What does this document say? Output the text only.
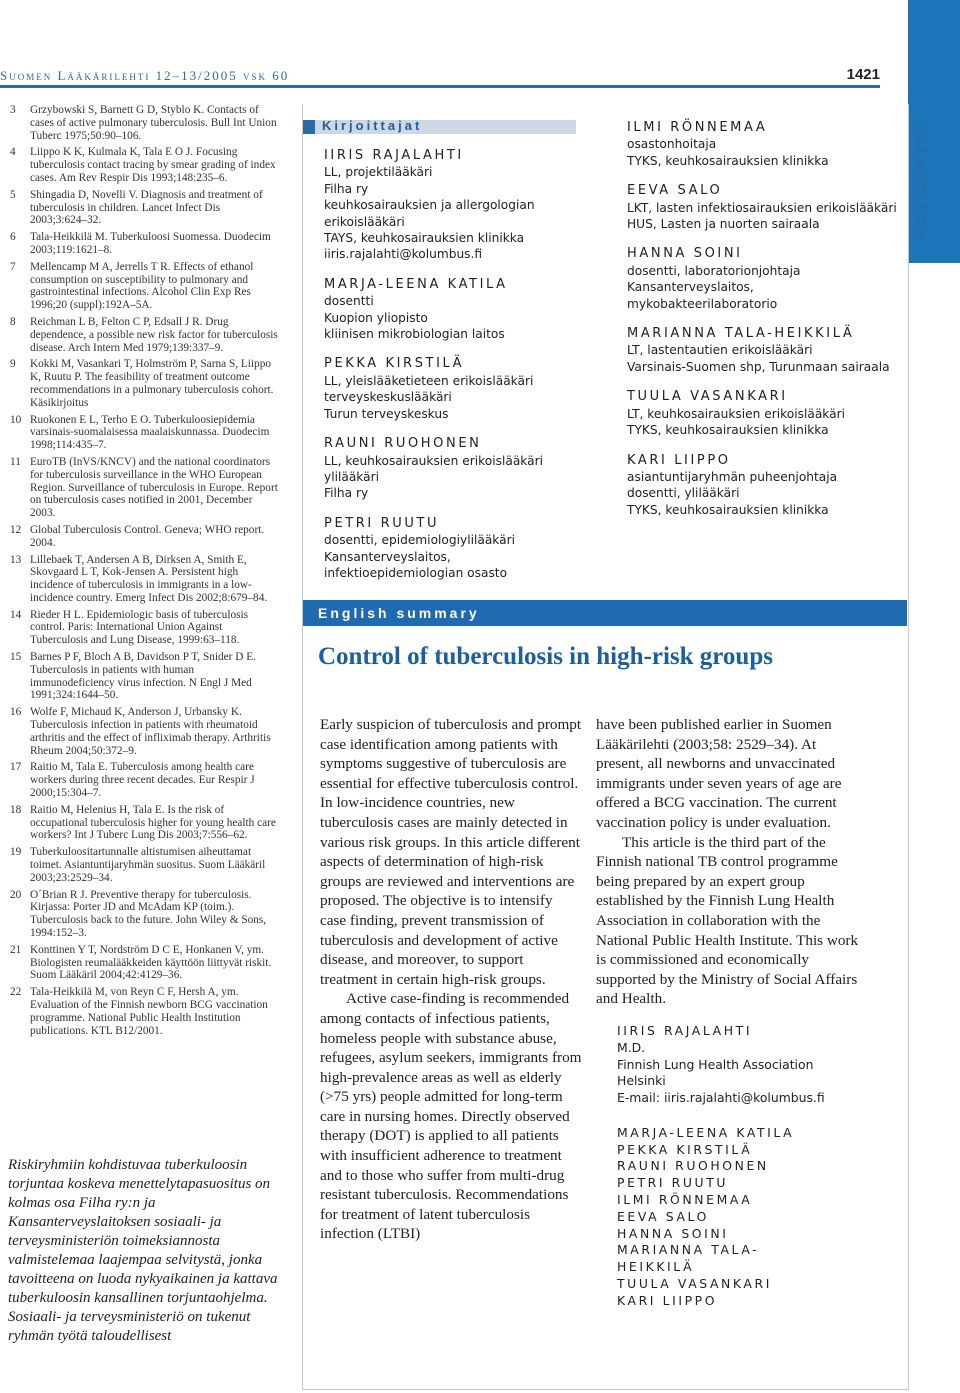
Suomen Lääkärilehti 12–13/2005 vsk 60	1421
3 Grzybowski S, Barnett G D, Styblo K. Contacts of cases of active pulmonary tuberculosis. Bull Int Union Tuberc 1975;50:90–106.
4 Liippo K K, Kulmala K, Tala E O J. Focusing tuberculosis contact tracing by smear grading of index cases. Am Rev Respir Dis 1993;148:235–6.
5 Shingadia D, Novelli V. Diagnosis and treatment of tuberculosis in children. Lancet Infect Dis 2003;3:624–32.
6 Tala-Heikkilä M. Tuberkuloosi Suomessa. Duodecim 2003;119:1621–8.
7 Mellencamp M A, Jerrells T R. Effects of ethanol consumption on susceptibility to pulmonary and gastrointestinal infections. Alcohol Clin Exp Res 1996;20 (suppl):192A–5A.
8 Reichman L B, Felton C P, Edsall J R. Drug dependence, a possible new risk factor for tuberculosis disease. Arch Intern Med 1979;139:337–9.
9 Kokki M, Vasankari T, Holmström P, Sarna S, Liippo K, Ruutu P. The feasibility of treatment outcome recommendations in a pulmonary tuberculosis cohort. Käsikirjoitus
10 Ruokonen E L, Terho E O. Tuberkuloosiepidemia varsinais-suomalaisessa maalaiskunnassa. Duodecim 1998;114:435–7.
11 EuroTB (InVS/KNCV) and the national coordinators for tuberculosis surveillance in the WHO European Region. Surveillance of tuberculosis in Europe. Report on tuberculosis cases notified in 2001, December 2003.
12 Global Tuberculosis Control. Geneva; WHO report. 2004.
13 Lillebaek T, Andersen A B, Dirksen A, Smith E, Skovgaard L T, Kok-Jensen A. Persistent high incidence of tuberculosis in immigrants in a low-incidence country. Emerg Infect Dis 2002;8:679–84.
14 Rieder H L. Epidemiologic basis of tuberculosis control. Paris: International Union Against Tuberculosis and Lung Disease, 1999:63–118.
15 Barnes P F, Bloch A B, Davidson P T, Snider D E. Tuberculosis in patients with human immunodeficiency virus infection. N Engl J Med 1991;324:1644–50.
16 Wolfe F, Michaud K, Anderson J, Urbansky K. Tuberculosis infection in patients with rheumatoid arthritis and the effect of infliximab therapy. Arthritis Rheum 2004;50:372–9.
17 Raitio M, Tala E. Tuberculosis among health care workers during three recent decades. Eur Respir J 2000;15:304–7.
18 Raitio M, Helenius H, Tala E. Is the risk of occupational tuberculosis higher for young health care workers? Int J Tuberc Lung Dis 2003;7:556–62.
19 Tuberkuloositartunnalle altistumisen aiheuttamat toimet. Asiantuntijaryhmän suositus. Suom Lääkäril 2003;23:2529–34.
20 O´Brian R J. Preventive therapy for tuberculosis. Kirjassa: Porter JD and McAdam KP (toim.). Tuberculosis back to the future. John Wiley & Sons, 1994:152–3.
21 Konttinen Y T, Nordström D C E, Honkanen V, ym. Biologisten reumalääkkeiden käyttöön liittyvät riskit. Suom Lääkäril 2004;42:4129–36.
22 Tala-Heikkilä M, von Reyn C F, Hersh A, ym. Evaluation of the Finnish newborn BCG vaccination programme. National Public Health Institution publications. KTL B12/2001.
Riskiryhmiin kohdistuvaa tuberkuloosin torjuntaa koskeva menettelytapasuositus on kolmas osa Filha ry:n ja Kansanterveyslaitoksen sosiaali- ja terveysministeriön toimeksiannosta valmistelemaa laajempaa selvitystä, jonka tavoitteena on luoda nykyaikainen ja kattava tuberkuloosin kansallinen torjuntaohjelma. Sosiaali- ja terveysministeriö on tukenut ryhmän työtä taloudellisest
Kirjoittajat
IIRIS RAJALAHTI
LL, projektilääkäri
Filha ry
keuhkosairauksien ja allergologian erikoislääkäri
TAYS, keuhkosairauksien klinikka
iiris.rajalahti@kolumbus.fi
MARJA-LEENA KATILA
dosentti
Kuopion yliopisto
kliinisen mikrobiologian laitos
PEKKA KIRSTILÄ
LL, yleislääketieteen erikoislääkäri
terveyskeskuslääkäri
Turun terveyskeskus
RAUNI RUOHONEN
LL, keuhkosairauksien erikoislääkäri
ylilääkäri
Filha ry
PETRI RUUTU
dosentti, epidemiologiylilääkäri
Kansanterveyslaitos,
infektioepidemiologian osasto
ILMI RÖNNEMAA
osastonhoitaja
TYKS, keuhkosairauksien klinikka
EEVA SALO
LKT, lasten infektiosairauksien erikoislääkäri
HUS, Lasten ja nuorten sairaala
HANNA SOINI
dosentti, laboratorionjohtaja
Kansanterveyslaitos,
mykobakteerilaboratorio
MARIANNA TALA-HEIKKILÄ
LT, lastentautien erikoislääkäri
Varsinais-Suomen shp, Turunmaan sairaala
TUULA VASANKARI
LT, keuhkosairauksien erikoislääkäri
TYKS, keuhkosairauksien klinikka
KARI LIIPPO
asiantuntijaryhmän puheenjohtaja
dosentti, ylilääkäri
TYKS, keuhkosairauksien klinikka
LÄÄKETIEDE
English summary
Control of tuberculosis in high-risk groups

Early suspicion of tuberculosis and prompt case identification among patients with symptoms suggestive of tuberculosis are essential for effective tuberculosis control. In low-incidence countries, new tuberculosis cases are mainly detected in various risk groups. In this article different aspects of determination of high-risk groups are reviewed and interventions are proposed. The objective is to intensify case finding, prevent transmission of tuberculosis and development of active disease, and moreover, to support treatment in certain high-risk groups.

Active case-finding is recommended among contacts of infectious patients, homeless people with substance abuse, refugees, asylum seekers, immigrants from high-prevalence areas as well as elderly (>75 yrs) people admitted for long-term care in nursing homes. Directly observed therapy (DOT) is applied to all patients with insufficient adherence to treatment and to those who suffer from multi-drug resistant tuberculosis. Recommendations for treatment of latent tuberculosis infection (LTBI)

have been published earlier in Suomen Lääkärilehti (2003;58: 2529–34). At present, all newborns and unvaccinated immigrants under seven years of age are offered a BCG vaccination. The current vaccination policy is under evaluation.

This article is the third part of the Finnish national TB control programme being prepared by an expert group established by the Finnish Lung Health Association in collaboration with the National Public Health Institute. This work is commissioned and economically supported by the Ministry of Social Affairs and Health.

IIRIS RAJALAHTI
M.D.
Finnish Lung Health Association
Helsinki
E-mail: iiris.rajalahti@kolumbus.fi
MARJA-LEENA KATILA
PEKKA KIRSTILÄ
RAUNI RUOHONEN
PETRI RUUTU
ILMI RÖNNEMAA
EEVA SALO
HANNA SOINI
MARIANNA TALA-
HEIKKILÄ
TUULA VASANKARI
KARI LIIPPO
